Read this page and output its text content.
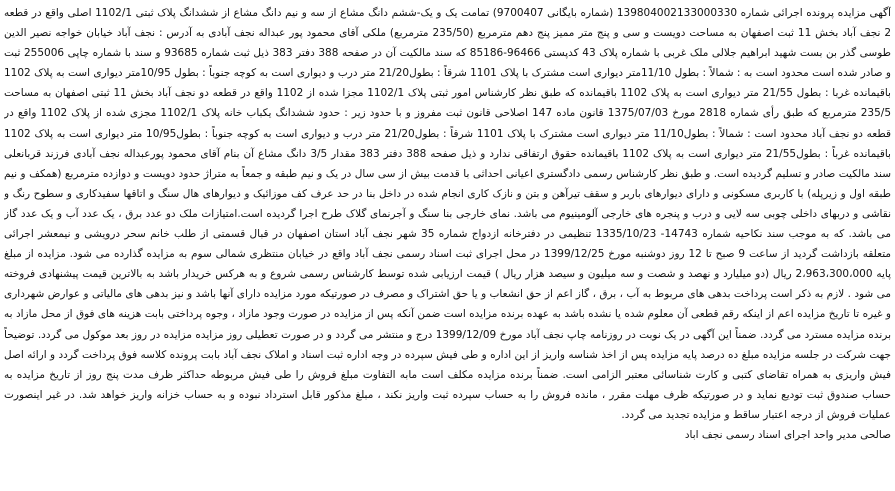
آگهی مزایده پرونده اجرائی شماره 139804002133000330 (شماره بایگانی 9700407) تمامت یک و یک-ششم دانگ مشاع از سه و نیم دانگ مشاع از ششدانگ پلاک ثبتی 1102/1 اصلی واقع در قطعه 2 نجف آباد بخش 11 ثبت اصفهان به مساحت دویست و سی و پنج متر ممیز پنج دهم مترمربع (235/50 مترمربع) ملکی آقای محمود پور عبداله نجف آبادی به آدرس : نجف آباد خیابان خواجه نصیر الدین طوسی گذر بن بست شهید ابراهیم جلالی ملک غربی با شماره پلاک 43 کدپستی 96466-85186 که سند مالکیت آن در صفحه 388 دفتر 383 ذیل ثبت شماره 93685 و سند با شماره چاپی 255006 ثبت و صادر شده است محدود است به : شمالاً : بطول 11/10متر دیواری است مشترک با پلاک 1101 شرقاً : بطول21/20 متر درب و دیواری است به کوچه جنوباً : بطول 10/95متر دیواری است به پلاک 1102 باقیمانده غربا : بطول 21/55 متر دیواری است به پلاک 1102 باقیمانده که طبق نظر کارشناس امور ثبتی پلاک 1102/1 مجزا شده از 1102 واقع در قطعه دو نجف آباد بخش 11 ثبتی اصفهان به مساحت 235/5 مترمربع که طبق رأی شماره 2818 مورخ 1375/07/03 قانون ماده 147 اصلاحی قانون ثبت مفروز و با حدود زیر : حدود ششدانگ یکباب خانه پلاک 1102/1 مجزی شده از پلاک 1102 واقع در قطعه دو نجف آباد محدود است : شمالاً : بطول11/10 متر دیواری است مشترک با پلاک 1101 شرقاً : بطول21/20 متر درب و دیواری است به کوچه جنوباً : بطول10/95 متر دیواری است به پلاک 1102 باقیمانده غرباً : بطول21/55 متر دیواری است به پلاک 1102 باقیمانده حقوق ارتفاقی ندارد و ذیل صفحه 388 دفتر 383 مقدار 3/5 دانگ مشاع آن بنام آقای محمود پورعبداله نجف آبادی فرزند قربانعلی سند مالکیت صادر و تسلیم گردیده است. و طبق نظر کارشناس رسمی دادگستری اعیانی احداثی با قدمت بیش از سی سال در یک و نیم طبقه و جمعاً به متراژ حدود دویست و دوازده مترمربع (همکف و نیم طبقه اول و زیرپله) با کاربری مسکونی و دارای دیوارهای باربر و سقف تیرآهن و بتن و نازک کاری انجام شده در داخل بنا در حد عرف کف موزائیک و دیوارهای هال سنگ و اتاقها سفیدکاری و سطوح رنگ و نقاشی و دربهای داخلی چوبی سه لایی و درب و پنجره های خارجی آلومینیوم می باشد. نمای خارجی بنا سنگ و آجرنمای گلاک طرح اجرا گردیده است.امتیازات ملک دو عدد برق ، یک عدد آب و یک عدد گاز می باشد. که به موجب سند نکاحیه شماره 14743- 1335/10/23 تنظیمی در دفترخانه ازدواج شماره 35 شهر نجف آباد استان اصفهان در قبال قسمتی از طلب خانم سحر درویشی و نیمعشر اجرائی متعلقه بازداشت گردید از ساعت 9 صبح تا 12 روز دوشنبه مورخ 1399/12/25 در محل اجرای ثبت اسناد رسمی نجف آباد واقع در خیابان منتظری شمالی سوم به مزایده گذارده می شود. مزایده از مبلغ پایه 2،963،300،000 ریال (دو میلیارد و نهصد و شصت و سه میلیون و سیصد هزار ریال ) قیمت ارزیابی شده توسط کارشناس رسمی شروع و به هرکس خریدار باشد به بالاترین قیمت پیشنهادی فروخته می شود . لازم به ذکر است پرداخت بدهی های مربوط به آب ، برق ، گاز اعم از حق انشعاب و یا حق اشتراک و مصرف در صورتیکه مورد مزایده دارای آنها باشد و نیز بدهی های مالیاتی و عوارض شهرداری و غیره تا تاریخ مزایده اعم از اینکه رقم قطعی آن معلوم شده یا نشده باشد به عهده برنده مزایده است ضمن آنکه پس از مزایده در صورت وجود مازاد ، وجوه پرداختی بابت هزینه های فوق از محل مازاد به برنده مزایده مسترد می گردد. ضمناً این آگهی در یک نوبت در روزنامه چاپ نجف آباد مورخ 1399/12/09 درج و منتشر می گردد و در صورت تعطیلی روز مزایده مزایده در روز بعد موکول می گردد. توضیحاً جهت شرکت در جلسه مزایده مبلغ ده درصد پایه مزایده پس از اخذ شناسه واریز از این اداره و طی فیش سپرده در وجه اداره ثبت اسناد و املاک نجف آباد بابت پرونده کلاسه فوق پرداخت گردد و ارائه اصل فیش واریزی به همراه تقاضای کتبی و کارت شناسائی معتبر الزامی است. ضمناً برنده مزایده مکلف است مابه التفاوت مبلغ فروش را طی فیش مربوطه حداکثر ظرف مدت پنج روز از تاریخ مزایده به حساب صندوق ثبت تودیع نماید و در صورتیکه ظرف مهلت مقرر ، مانده فروش را به حساب سپرده ثبت واریز نکند ، مبلغ مذکور قابل استرداد نبوده و به حساب خزانه واریز خواهد شد. در غیر اینصورت عملیات فروش از درجه اعتبار ساقط و مزایده تجدید می گردد.

صالحی مدیر واحد اجرای اسناد رسمی نجف اباد
